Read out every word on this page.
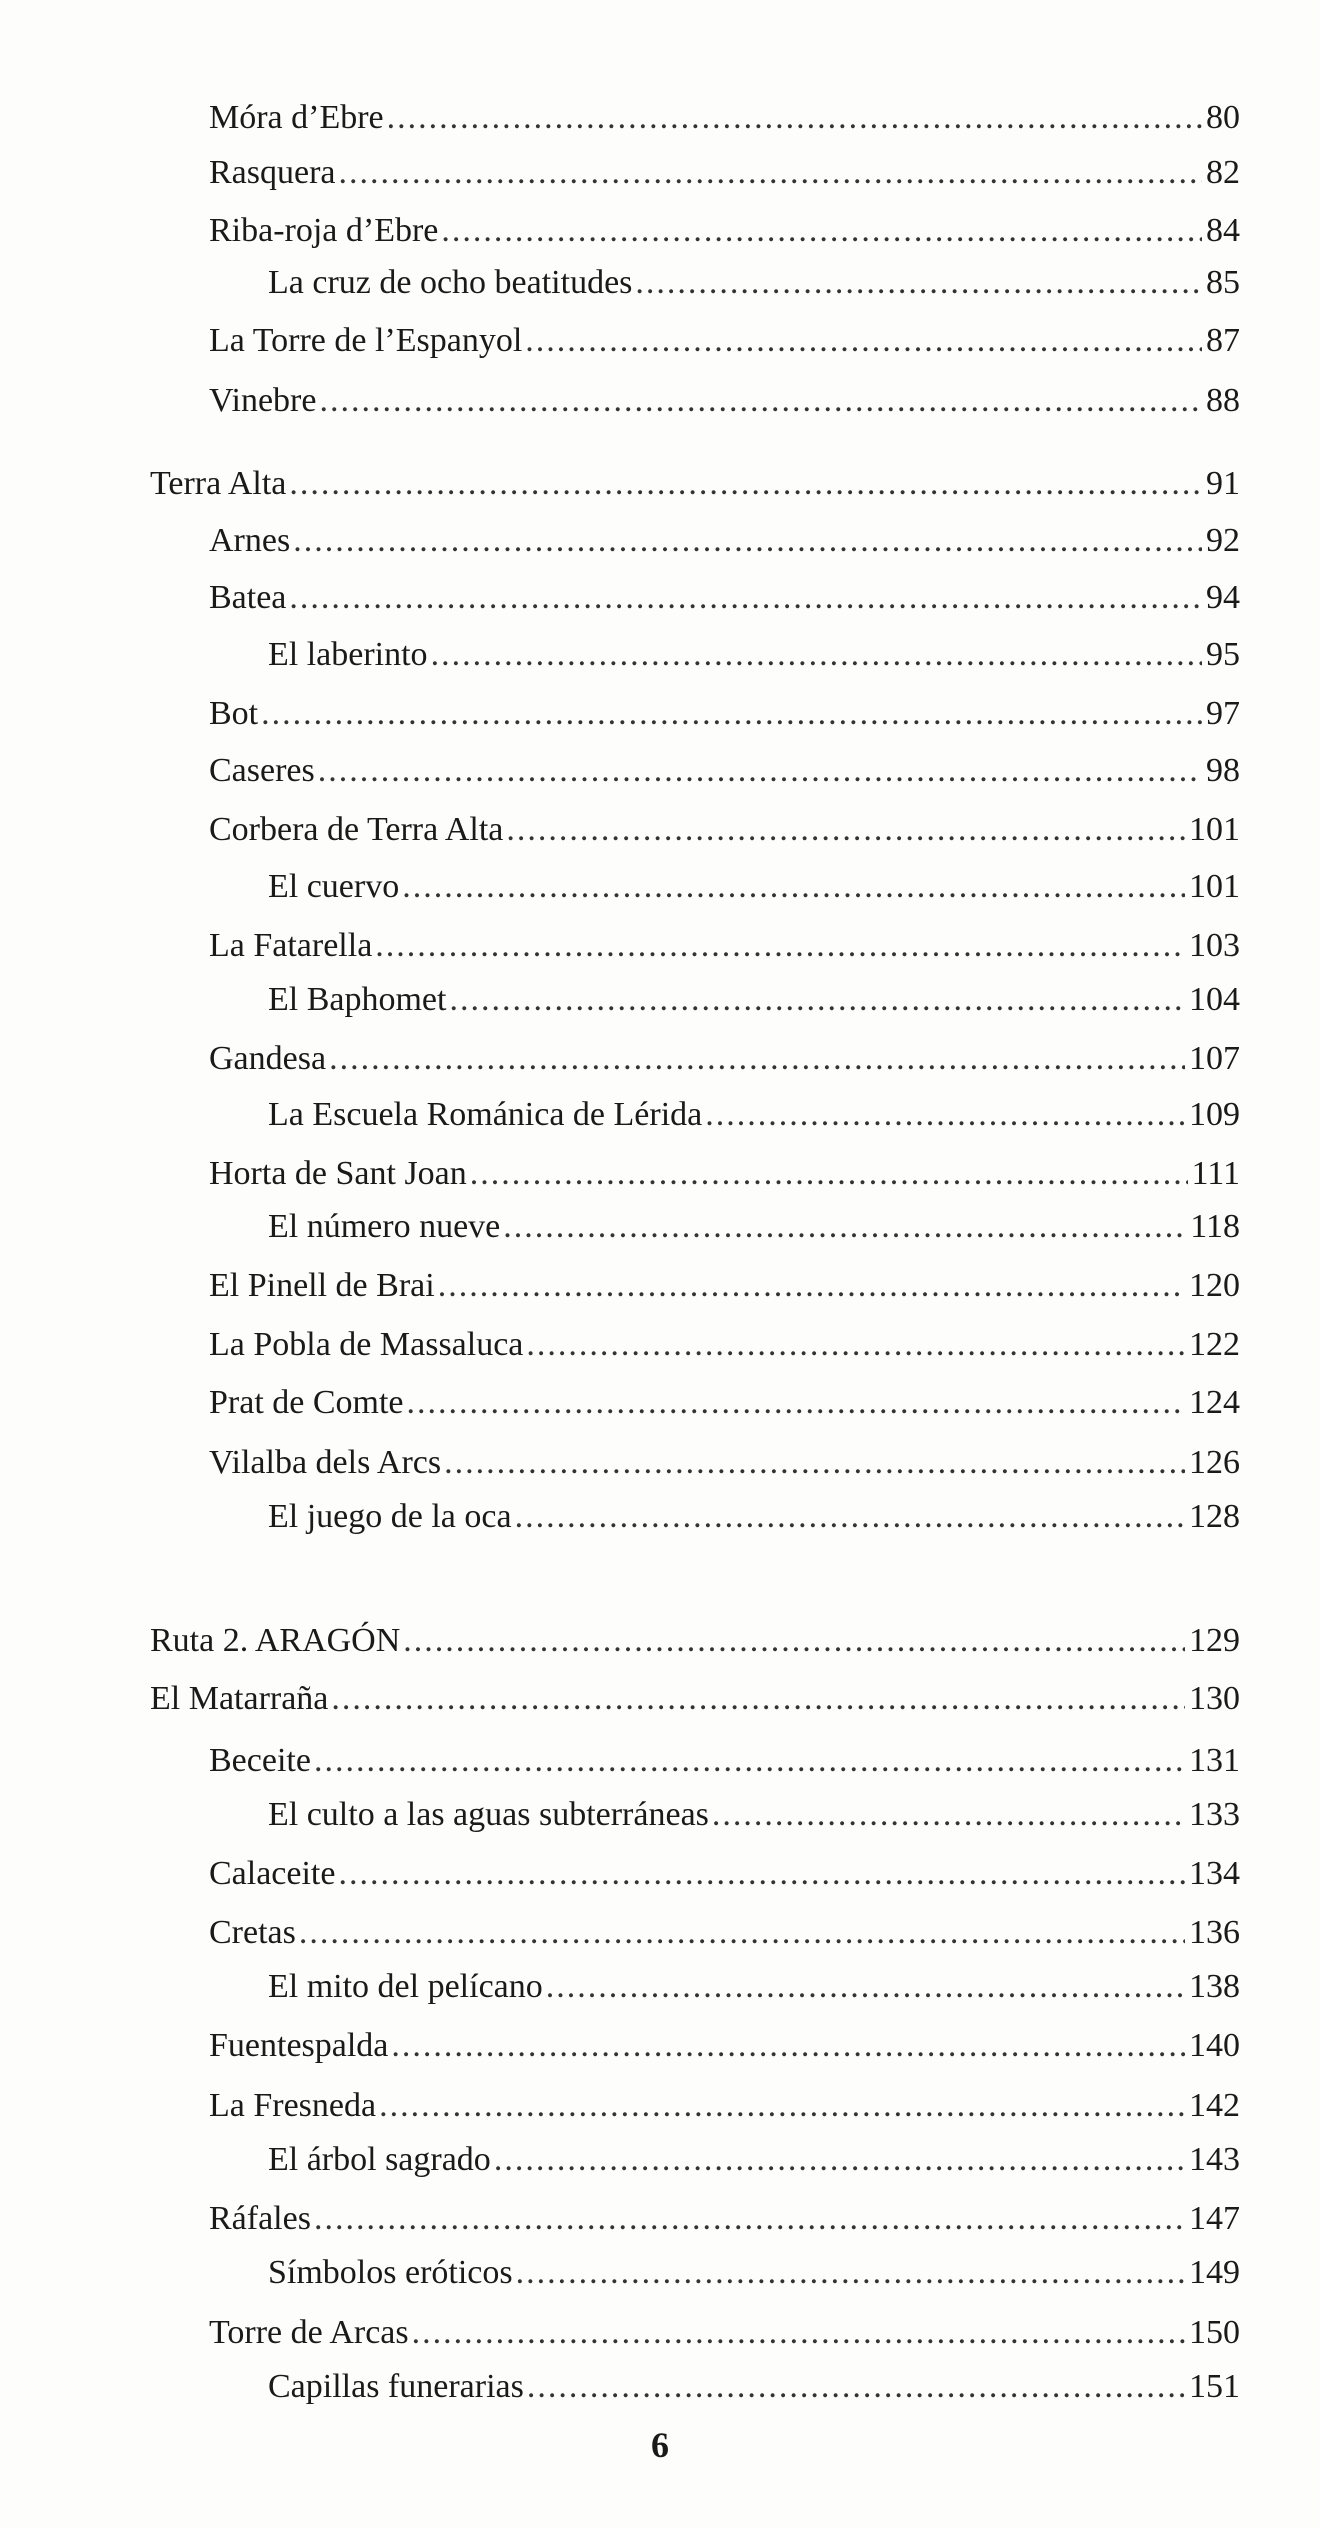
Móra d’Ebre .....	80
Rasquera .....	82
Riba-roja d’Ebre .....	84
La cruz de ocho beatitudes .....	85
La Torre de l’Espanyol .....	87
Vinebre .....	88
Terra Alta .....	91
Arnes .....	92
Batea .....	94
El laberinto .....	95
Bot .....	97
Caseres .....	98
Corbera de Terra Alta .....	101
El cuervo .....	101
La Fatarella .....	103
El Baphomet .....	104
Gandesa .....	107
La Escuela Románica de Lérida .....	109
Horta de Sant Joan .....	111
El número nueve .....	118
El Pinell de Brai .....	120
La Pobla de Massaluca .....	122
Prat de Comte .....	124
Vilalba dels Arcs .....	126
El juego de la oca .....	128
Ruta 2. ARAGÓN .....	129
El Matarraña .....	130
Beceite .....	131
El culto a las aguas subterráneas .....	133
Calaceite .....	134
Cretas .....	136
El mito del pelícano .....	138
Fuentespalda .....	140
La Fresneda .....	142
El árbol sagrado .....	143
Ráfales .....	147
Símbolos eróticos .....	149
Torre de Arcas .....	150
Capillas funerarias .....	151
6
